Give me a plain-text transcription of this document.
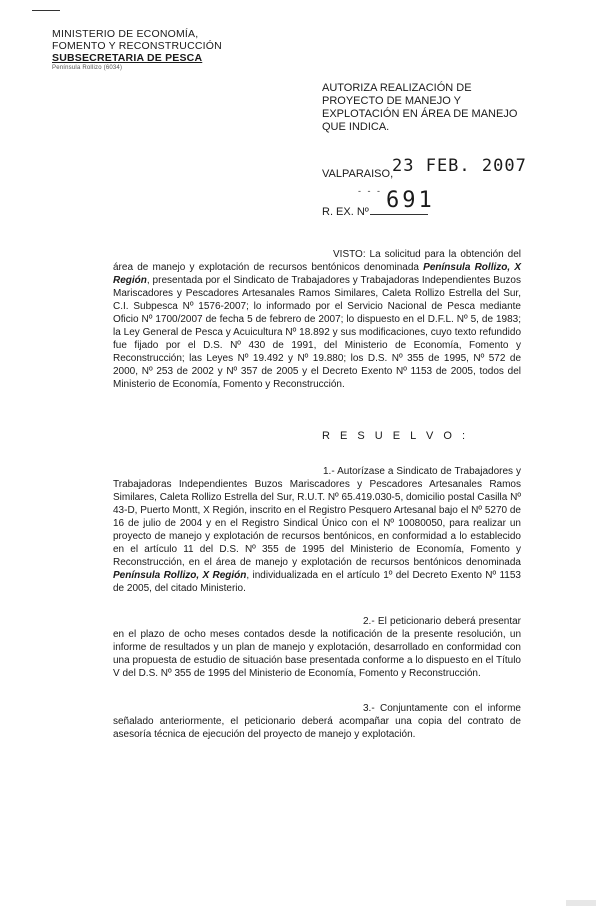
MINISTERIO DE ECONOMÍA,
FOMENTO Y RECONSTRUCCIÓN
SUBSECRETARIA DE PESCA
Península Rollizo (6034)
AUTORIZA REALIZACIÓN DE
PROYECTO DE MANEJO Y
EXPLOTACIÓN EN ÁREA DE MANEJO
QUE INDICA.
VALPARAISO,
23 FEB. 2007
- - -
R. EX. Nº 691

VISTO: La solicitud para la obtención del área de manejo y explotación de recursos bentónicos denominada Península Rollizo, X Región, presentada por el Sindicato de Trabajadores y Trabajadoras Independientes Buzos Mariscadores y Pescadores Artesanales Ramos Similares, Caleta Rollizo Estrella del Sur, C.I. Subpesca Nº 1576-2007; lo informado por el Servicio Nacional de Pesca mediante Oficio Nº 1700/2007 de fecha 5 de febrero de 2007; lo dispuesto en el D.F.L. Nº 5, de 1983; la Ley General de Pesca y Acuicultura Nº 18.892 y sus modificaciones, cuyo texto refundido fue fijado por el D.S. Nº 430 de 1991, del Ministerio de Economía, Fomento y Reconstrucción; las Leyes Nº 19.492 y Nº 19.880; los D.S. Nº 355 de 1995, Nº 572 de 2000, Nº 253 de 2002 y Nº 357 de 2005 y el Decreto Exento Nº 1153 de 2005, todos del Ministerio de Economía, Fomento y Reconstrucción.

R E S U E L V O :

1.- Autorízase a Sindicato de Trabajadores y Trabajadoras Independientes Buzos Mariscadores y Pescadores Artesanales Ramos Similares, Caleta Rollizo Estrella del Sur, R.U.T. Nº 65.419.030-5, domicilio postal Casilla Nº 43-D, Puerto Montt, X Región, inscrito en el Registro Pesquero Artesanal bajo el Nº 5270 de 16 de julio de 2004 y en el Registro Sindical Único con el Nº 10080050, para realizar un proyecto de manejo y explotación de recursos bentónicos, en conformidad a lo establecido en el artículo 11 del D.S. Nº 355 de 1995 del Ministerio de Economía, Fomento y Reconstrucción, en el área de manejo y explotación de recursos bentónicos denominada Península Rollizo, X Región, individualizada en el artículo 1º del Decreto Exento Nº 1153 de 2005, del citado Ministerio.

2.- El peticionario deberá presentar en el plazo de ocho meses contados desde la notificación de la presente resolución, un informe de resultados y un plan de manejo y explotación, desarrollado en conformidad con una propuesta de estudio de situación base presentada conforme a lo dispuesto en el Título V del D.S. Nº 355 de 1995 del Ministerio de Economía, Fomento y Reconstrucción.

3.- Conjuntamente con el informe señalado anteriormente, el peticionario deberá acompañar una copia del contrato de asesoría técnica de ejecución del proyecto de manejo y explotación.
